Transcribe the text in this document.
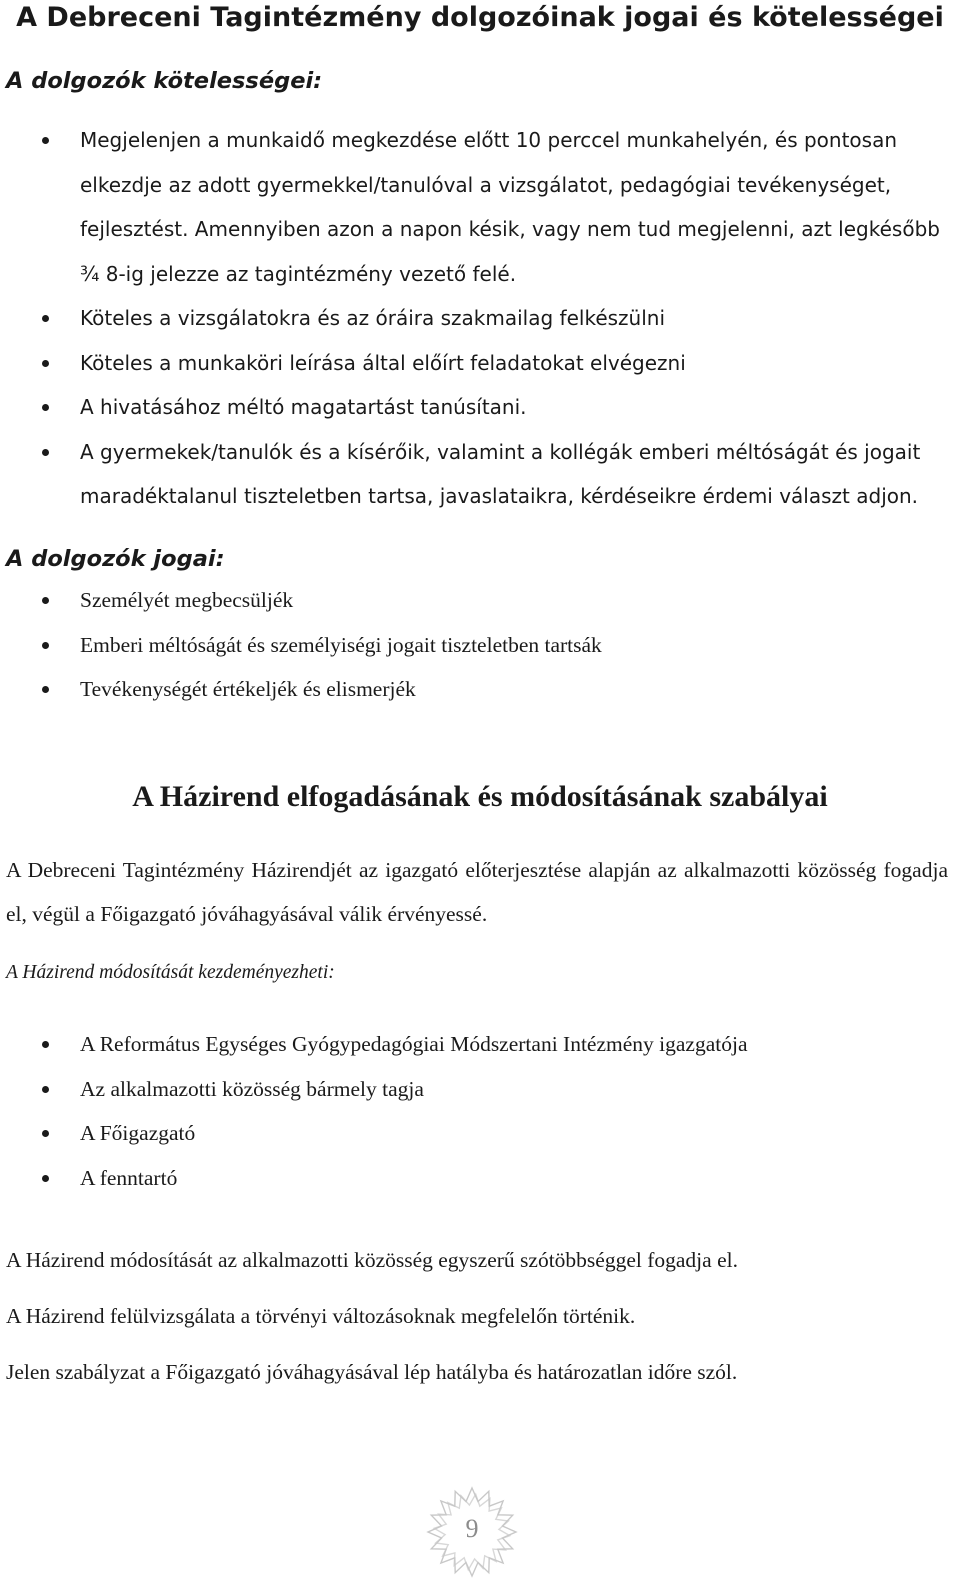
A Debreceni Tagintézmény dolgozóinak jogai és kötelességei
A dolgozók kötelességei:
Megjelenjen a munkaidő megkezdése előtt 10 perccel munkahelyén, és pontosan elkezdje az adott gyermekkel/tanulóval a vizsgálatot, pedagógiai tevékenységet, fejlesztést. Amennyiben azon a napon késik, vagy nem tud megjelenni, azt legkésőbb ¾ 8-ig jelezze az tagintézmény vezető felé.
Köteles a vizsgálatokra és az óráira szakmailag felkészülni
Köteles a munkaköri leírása által előírt feladatokat elvégezni
A hivatásához méltó magatartást tanúsítani.
A gyermekek/tanulók és a kísérőik, valamint a kollégák emberi méltóságát és jogait maradéktalanul tiszteletben tartsa, javaslataikra, kérdéseikre érdemi választ adjon.
A dolgozók jogai:
Személyét megbecsüljék
Emberi méltóságát és személyiségi jogait tiszteletben tartsák
Tevékenységét értékeljék és elismerjék
A Házirend elfogadásának és módosításának szabályai

A Debreceni Tagintézmény Házirendjét az igazgató előterjesztése alapján az alkalmazotti közösség fogadja el, végül a Főigazgató jóváhagyásával válik érvényessé.

A Házirend módosítását kezdeményezheti:

A Református Egységes Gyógypedagógiai Módszertani Intézmény igazgatója
Az alkalmazotti közösség bármely tagja
A Főigazgató
A fenntartó

A Házirend módosítását az alkalmazotti közösség egyszerű szótöbbséggel fogadja el.

A Házirend felülvizsgálata a törvényi változásoknak megfelelőn történik.

Jelen szabályzat a Főigazgató jóváhagyásával lép hatályba és határozatlan időre szól.

9
